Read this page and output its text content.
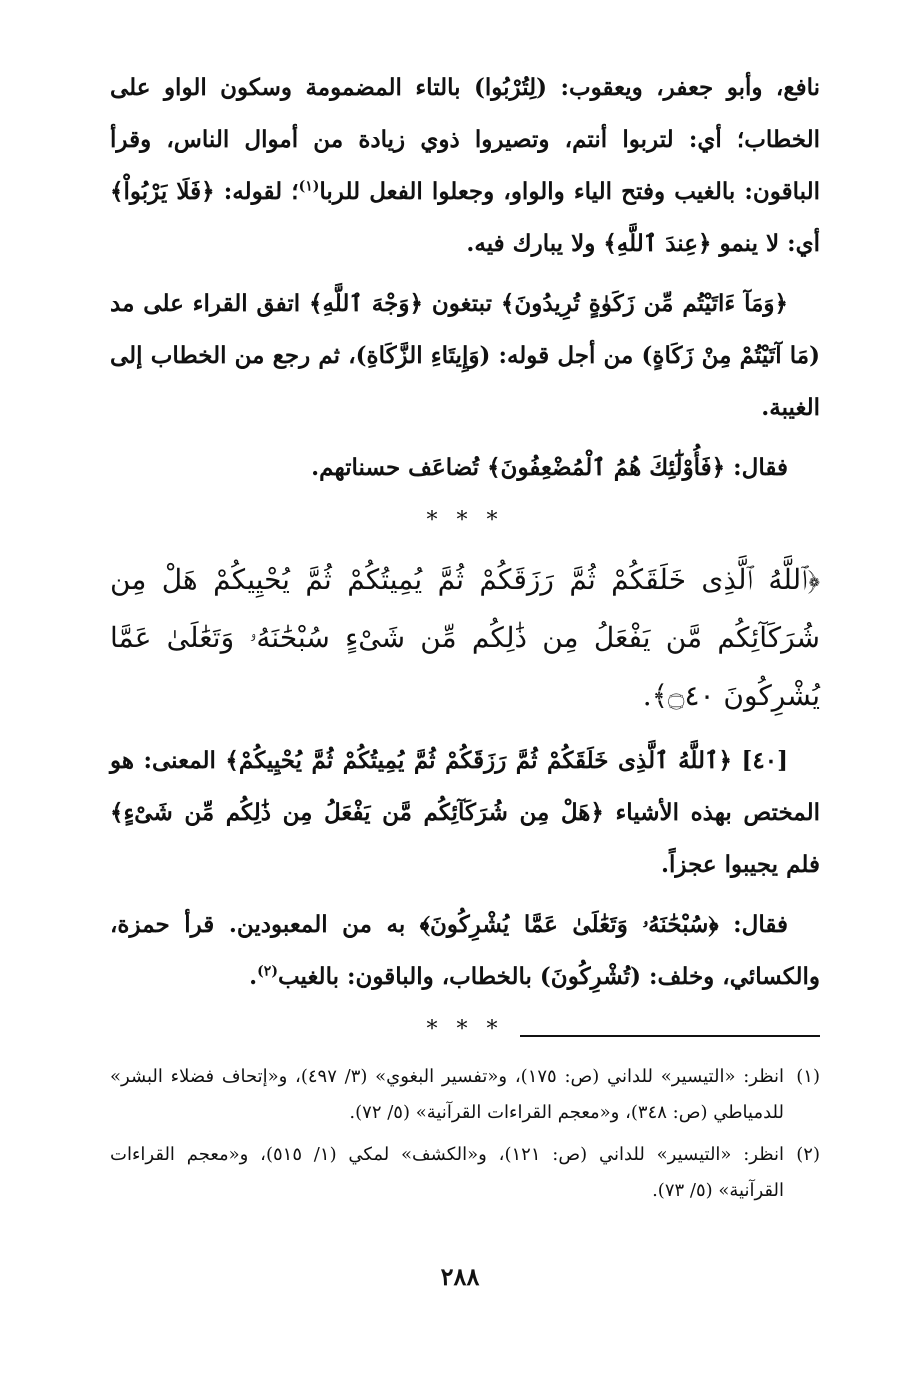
نافع، وأبو جعفر، ويعقوب: (لِتُرْبُوا) بالتاء المضمومة وسكون الواو على الخطاب؛ أي: لتربوا أنتم، وتصيروا ذوي زيادة من أموال الناس، وقرأ الباقون: بالغيب وفتح الياء والواو، وجعلوا الفعل للربا$^{(١)}$؛ لقوله: ﴿فَلَا يَرْبُواْ﴾ أي: لا ينمو ﴿عِندَ ٱللَّهِ﴾ ولا يبارك فيه.

﴿وَمَآ ءَاتَيْتُم مِّن زَكَوٰةٍ تُرِيدُونَ﴾ تبتغون ﴿وَجْهَ ٱللَّهِ﴾ اتفق القراء على مد (مَا آتَيْتُمْ مِنْ زَكَاةٍ) من أجل قوله: (وَإِيتَاءِ الزَّكَاةِ)، ثم رجع من الخطاب إلى الغيبة.

فقال: ﴿فَأُوْلَٰٓئِكَ هُمُ ٱلْمُضْعِفُونَ﴾ تُضاعَف حسناتهم.

* * *

﴿ٱللَّهُ ٱلَّذِى خَلَقَكُمْ ثُمَّ رَزَقَكُمْ ثُمَّ يُمِيتُكُمْ ثُمَّ يُحْيِيكُمْ هَلْ مِن شُرَكَآئِكُم مَّن يَفْعَلُ مِن ذَٰلِكُم مِّن شَىْءٍ سُبْحَٰنَهُۥ وَتَعَٰلَىٰ عَمَّا يُشْرِكُونَ ۝٤٠﴾.

[٤٠] ﴿ٱللَّهُ ٱلَّذِى خَلَقَكُمْ ثُمَّ رَزَقَكُمْ ثُمَّ يُمِيتُكُمْ ثُمَّ يُحْيِيكُمْ﴾ المعنى: هو المختص بهذه الأشياء ﴿هَلْ مِن شُرَكَآئِكُم مَّن يَفْعَلُ مِن ذَٰلِكُم مِّن شَىْءٍ﴾ فلم يجيبوا عجزاً.

فقال: ﴿سُبْحَٰنَهُۥ وَتَعَٰلَىٰ عَمَّا يُشْرِكُونَ﴾ به من المعبودين. قرأ حمزة، والكسائي، وخلف: (تُشْرِكُونَ) بالخطاب، والباقون: بالغيب$^{(٢)}$.

* * *
(١)
انظر: «التيسير» للداني (ص: ١٧٥)، و«تفسير البغوي» (٣/ ٤٩٧)، و«إتحاف فضلاء البشر» للدمياطي (ص: ٣٤٨)، و«معجم القراءات القرآنية» (٥/ ٧٢).
(٢)
انظر: «التيسير» للداني (ص: ١٢١)، و«الكشف» لمكي (١/ ٥١٥)، و«معجم القراءات القرآنية» (٥/ ٧٣).
٢٨٨
